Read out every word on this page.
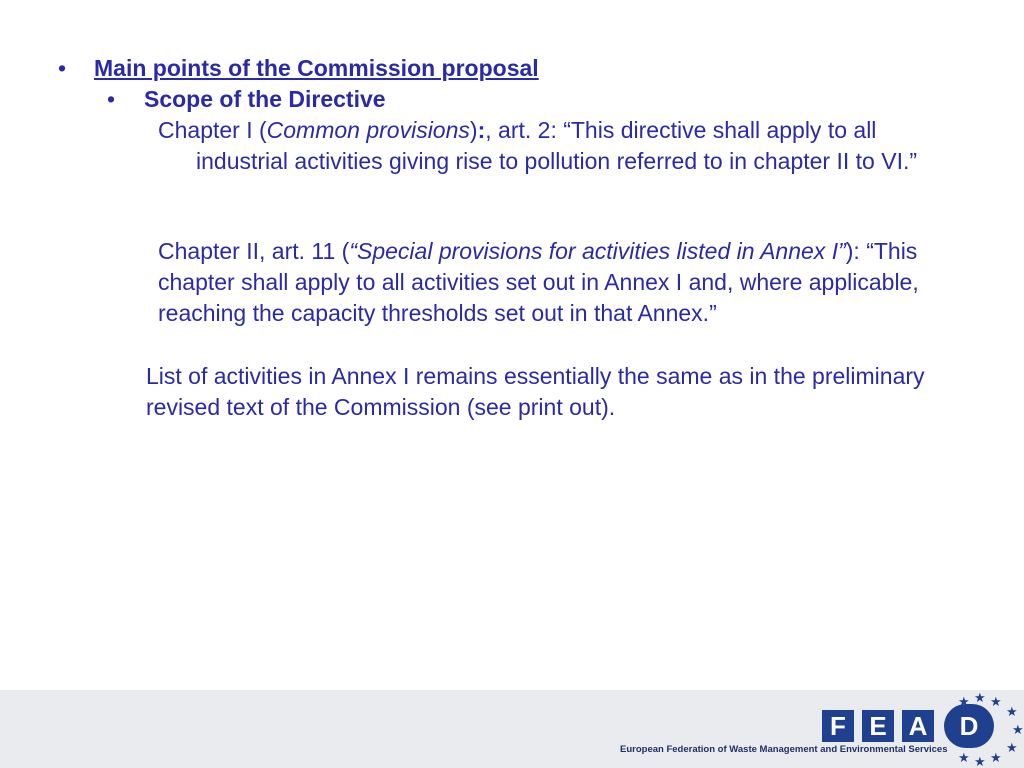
• Main points of the Commission proposal
• Scope of the Directive
Chapter I (Common provisions):, art. 2: “This directive shall apply to all
industrial activities giving rise to pollution referred to in chapter II to VI.”
Chapter II, art. 11 (“Special provisions for activities listed in Annex I”): “This chapter shall apply to all activities set out in Annex I and, where applicable, reaching the capacity thresholds set out in that Annex.”
List of activities in Annex I remains essentially the same as in the preliminary revised text of the Commission (see print out).
F E A D
★ ★ ★
★
★
★
★
★
★
European Federation of Waste Management and Environmental Services
